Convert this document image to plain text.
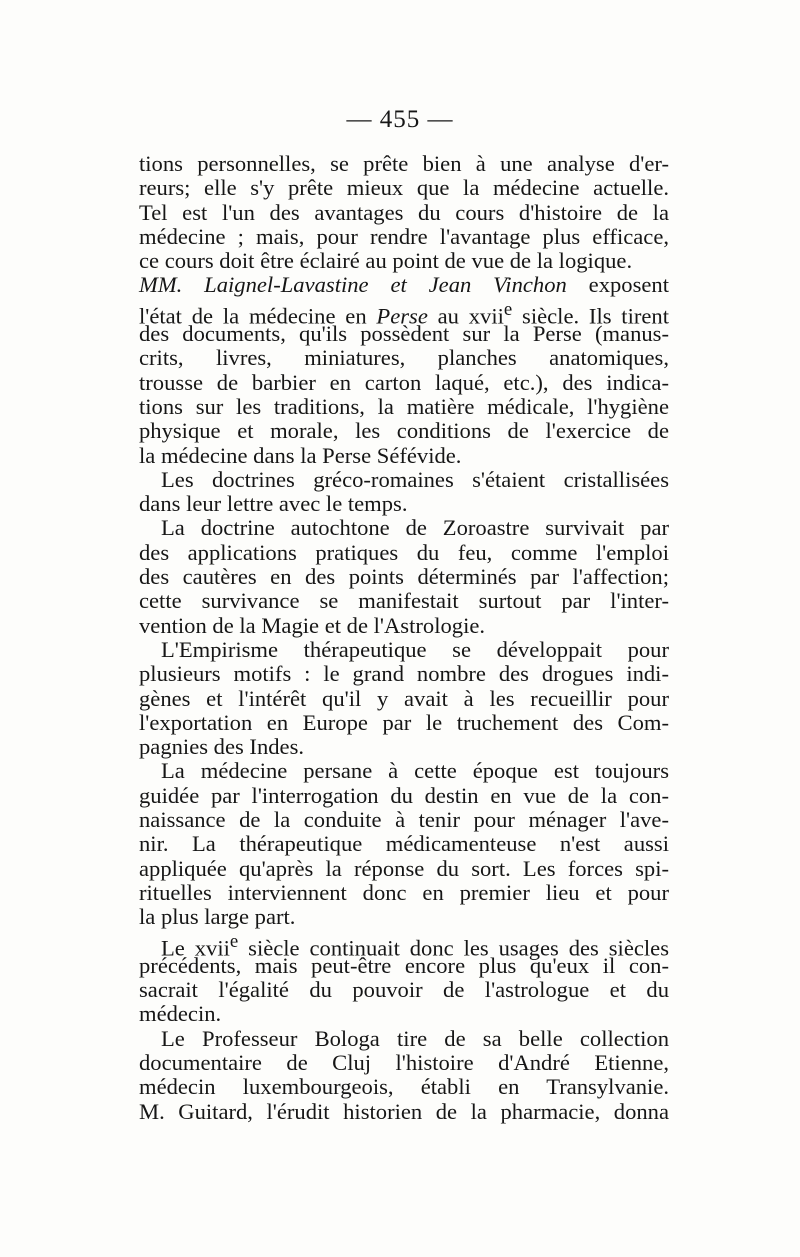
— 455 —
tions personnelles, se prête bien à une analyse d'er-
reurs; elle s'y prête mieux que la médecine actuelle.
Tel est l'un des avantages du cours d'histoire de la
médecine ; mais, pour rendre l'avantage plus efficace,
ce cours doit être éclairé au point de vue de la logique.
MM. Laignel-Lavastine et Jean Vinchon exposent
l'état de la médecine en Perse au xvii$^e$ siècle. Ils tirent
des documents, qu'ils possèdent sur la Perse (manus-
crits, livres, miniatures, planches anatomiques,
trousse de barbier en carton laqué, etc.), des indica-
tions sur les traditions, la matière médicale, l'hygiène
physique et morale, les conditions de l'exercice de
la médecine dans la Perse Séfévide.
Les doctrines gréco-romaines s'étaient cristallisées
dans leur lettre avec le temps.
La doctrine autochtone de Zoroastre survivait par
des applications pratiques du feu, comme l'emploi
des cautères en des points déterminés par l'affection;
cette survivance se manifestait surtout par l'inter-
vention de la Magie et de l'Astrologie.
L'Empirisme thérapeutique se développait pour
plusieurs motifs : le grand nombre des drogues indi-
gènes et l'intérêt qu'il y avait à les recueillir pour
l'exportation en Europe par le truchement des Com-
pagnies des Indes.
La médecine persane à cette époque est toujours
guidée par l'interrogation du destin en vue de la con-
naissance de la conduite à tenir pour ménager l'ave-
nir. La thérapeutique médicamenteuse n'est aussi
appliquée qu'après la réponse du sort. Les forces spi-
rituelles interviennent donc en premier lieu et pour
la plus large part.
Le xvii$^e$ siècle continuait donc les usages des siècles
précédents, mais peut-être encore plus qu'eux il con-
sacrait l'égalité du pouvoir de l'astrologue et du
médecin.
Le Professeur Bologa tire de sa belle collection
documentaire de Cluj l'histoire d'André Etienne,
médecin luxembourgeois, établi en Transylvanie.
M. Guitard, l'érudit historien de la pharmacie, donna
